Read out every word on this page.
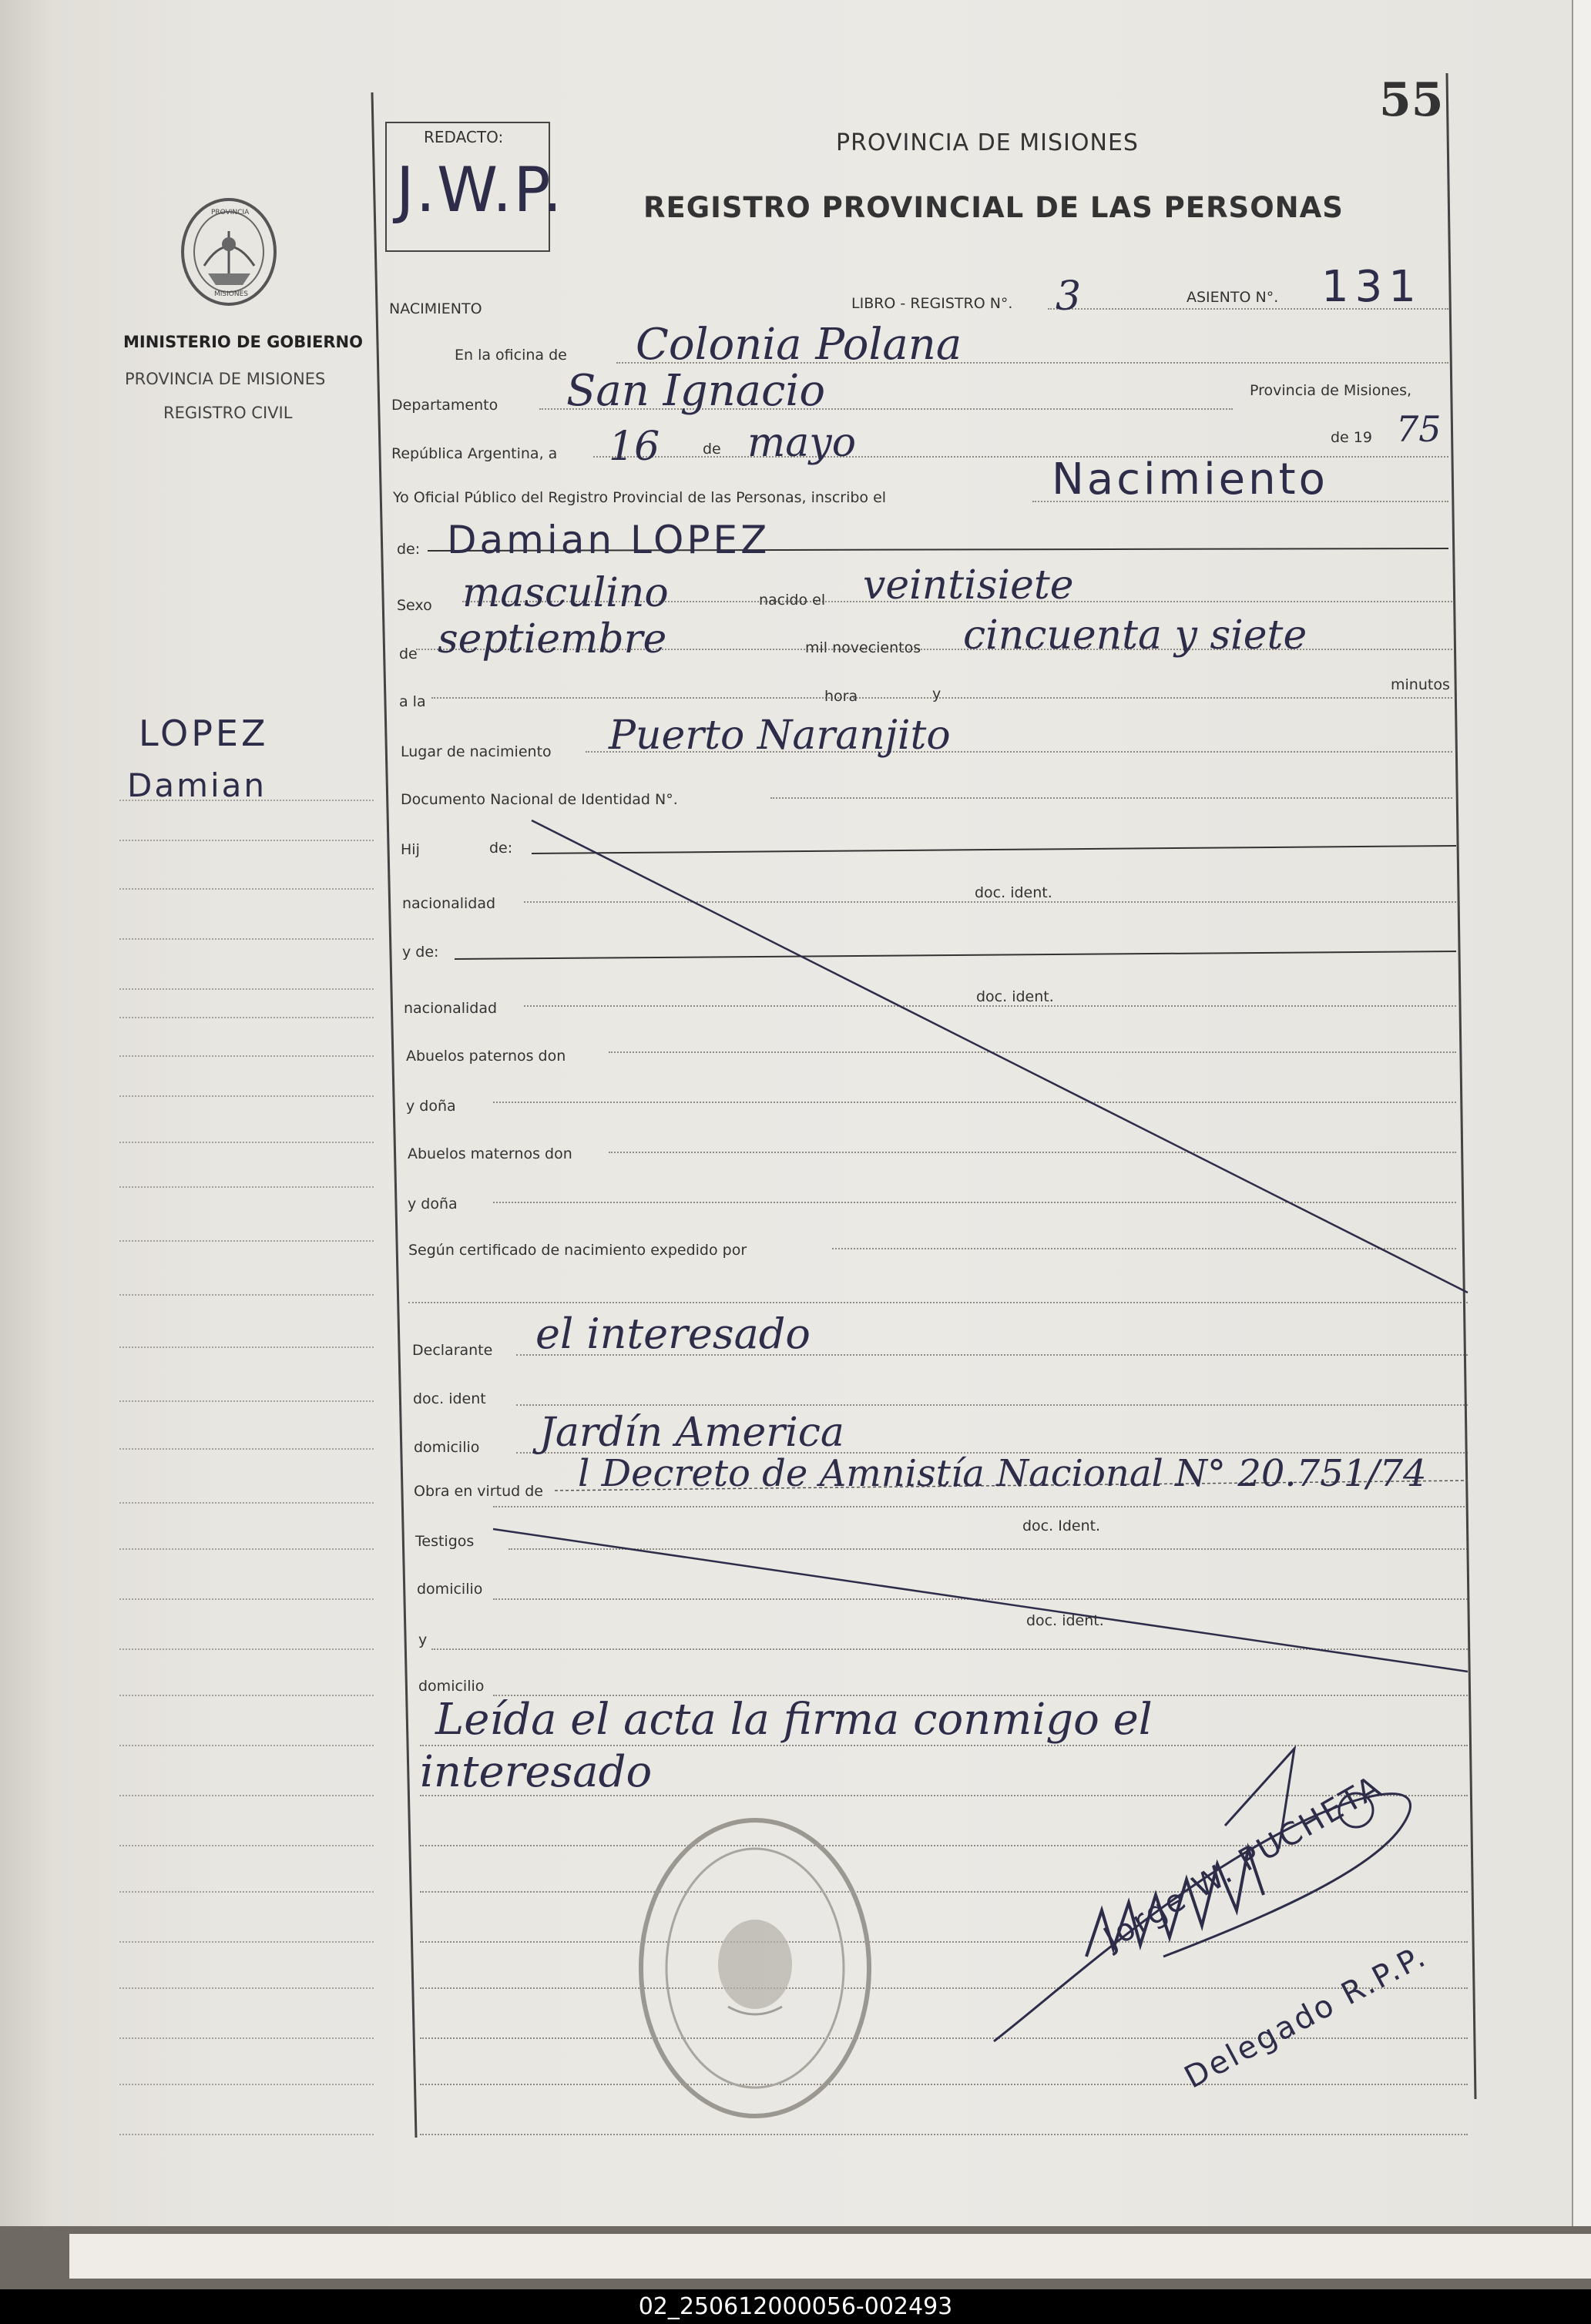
02_250612000056-002493
55
REDACTO:
J.W.P.
PROVINCIA DE MISIONES
REGISTRO PROVINCIAL DE LAS PERSONAS
PROVINCIA
MISIONES
MINISTERIO DE GOBIERNO
PROVINCIA DE MISIONES
REGISTRO CIVIL
LOPEZ
Damian
NACIMIENTO	LIBRO - REGISTRO N°. 3	ASIENTO N°. 131
En la oficina de Colonia Polana
Departamento San Ignacio	Provincia de Misiones,
República Argentina, a 16	de mayo	de 19 75
Yo Oficial Público del Registro Provincial de las Personas, inscribo el	Nacimiento
de: Damian LOPEZ
Sexo masculino	nacido el veintisiete
de septiembre	mil novecientos cincuenta y siete
a la	hora	y
minutos
Lugar de nacimiento Puerto Naranjito
Documento Nacional de Identidad N°.
Hij	de:
nacionalidad
doc. ident.
y de:
nacionalidad
doc. ident.
Abuelos paternos don
y doña
Abuelos maternos don
y doña
Según certificado de nacimiento expedido por
Declarante el interesado
doc. ident
domicilio Jardín America
Obra en virtud de l Decreto de Amnistía Nacional N° 20.751/74
Testigos
doc. Ident.
domicilio
y
doc. ident.
domicilio
Leída el acta la firma conmigo el
interesado	Jorge W. PUCHETA
Delegado R.P.P.
